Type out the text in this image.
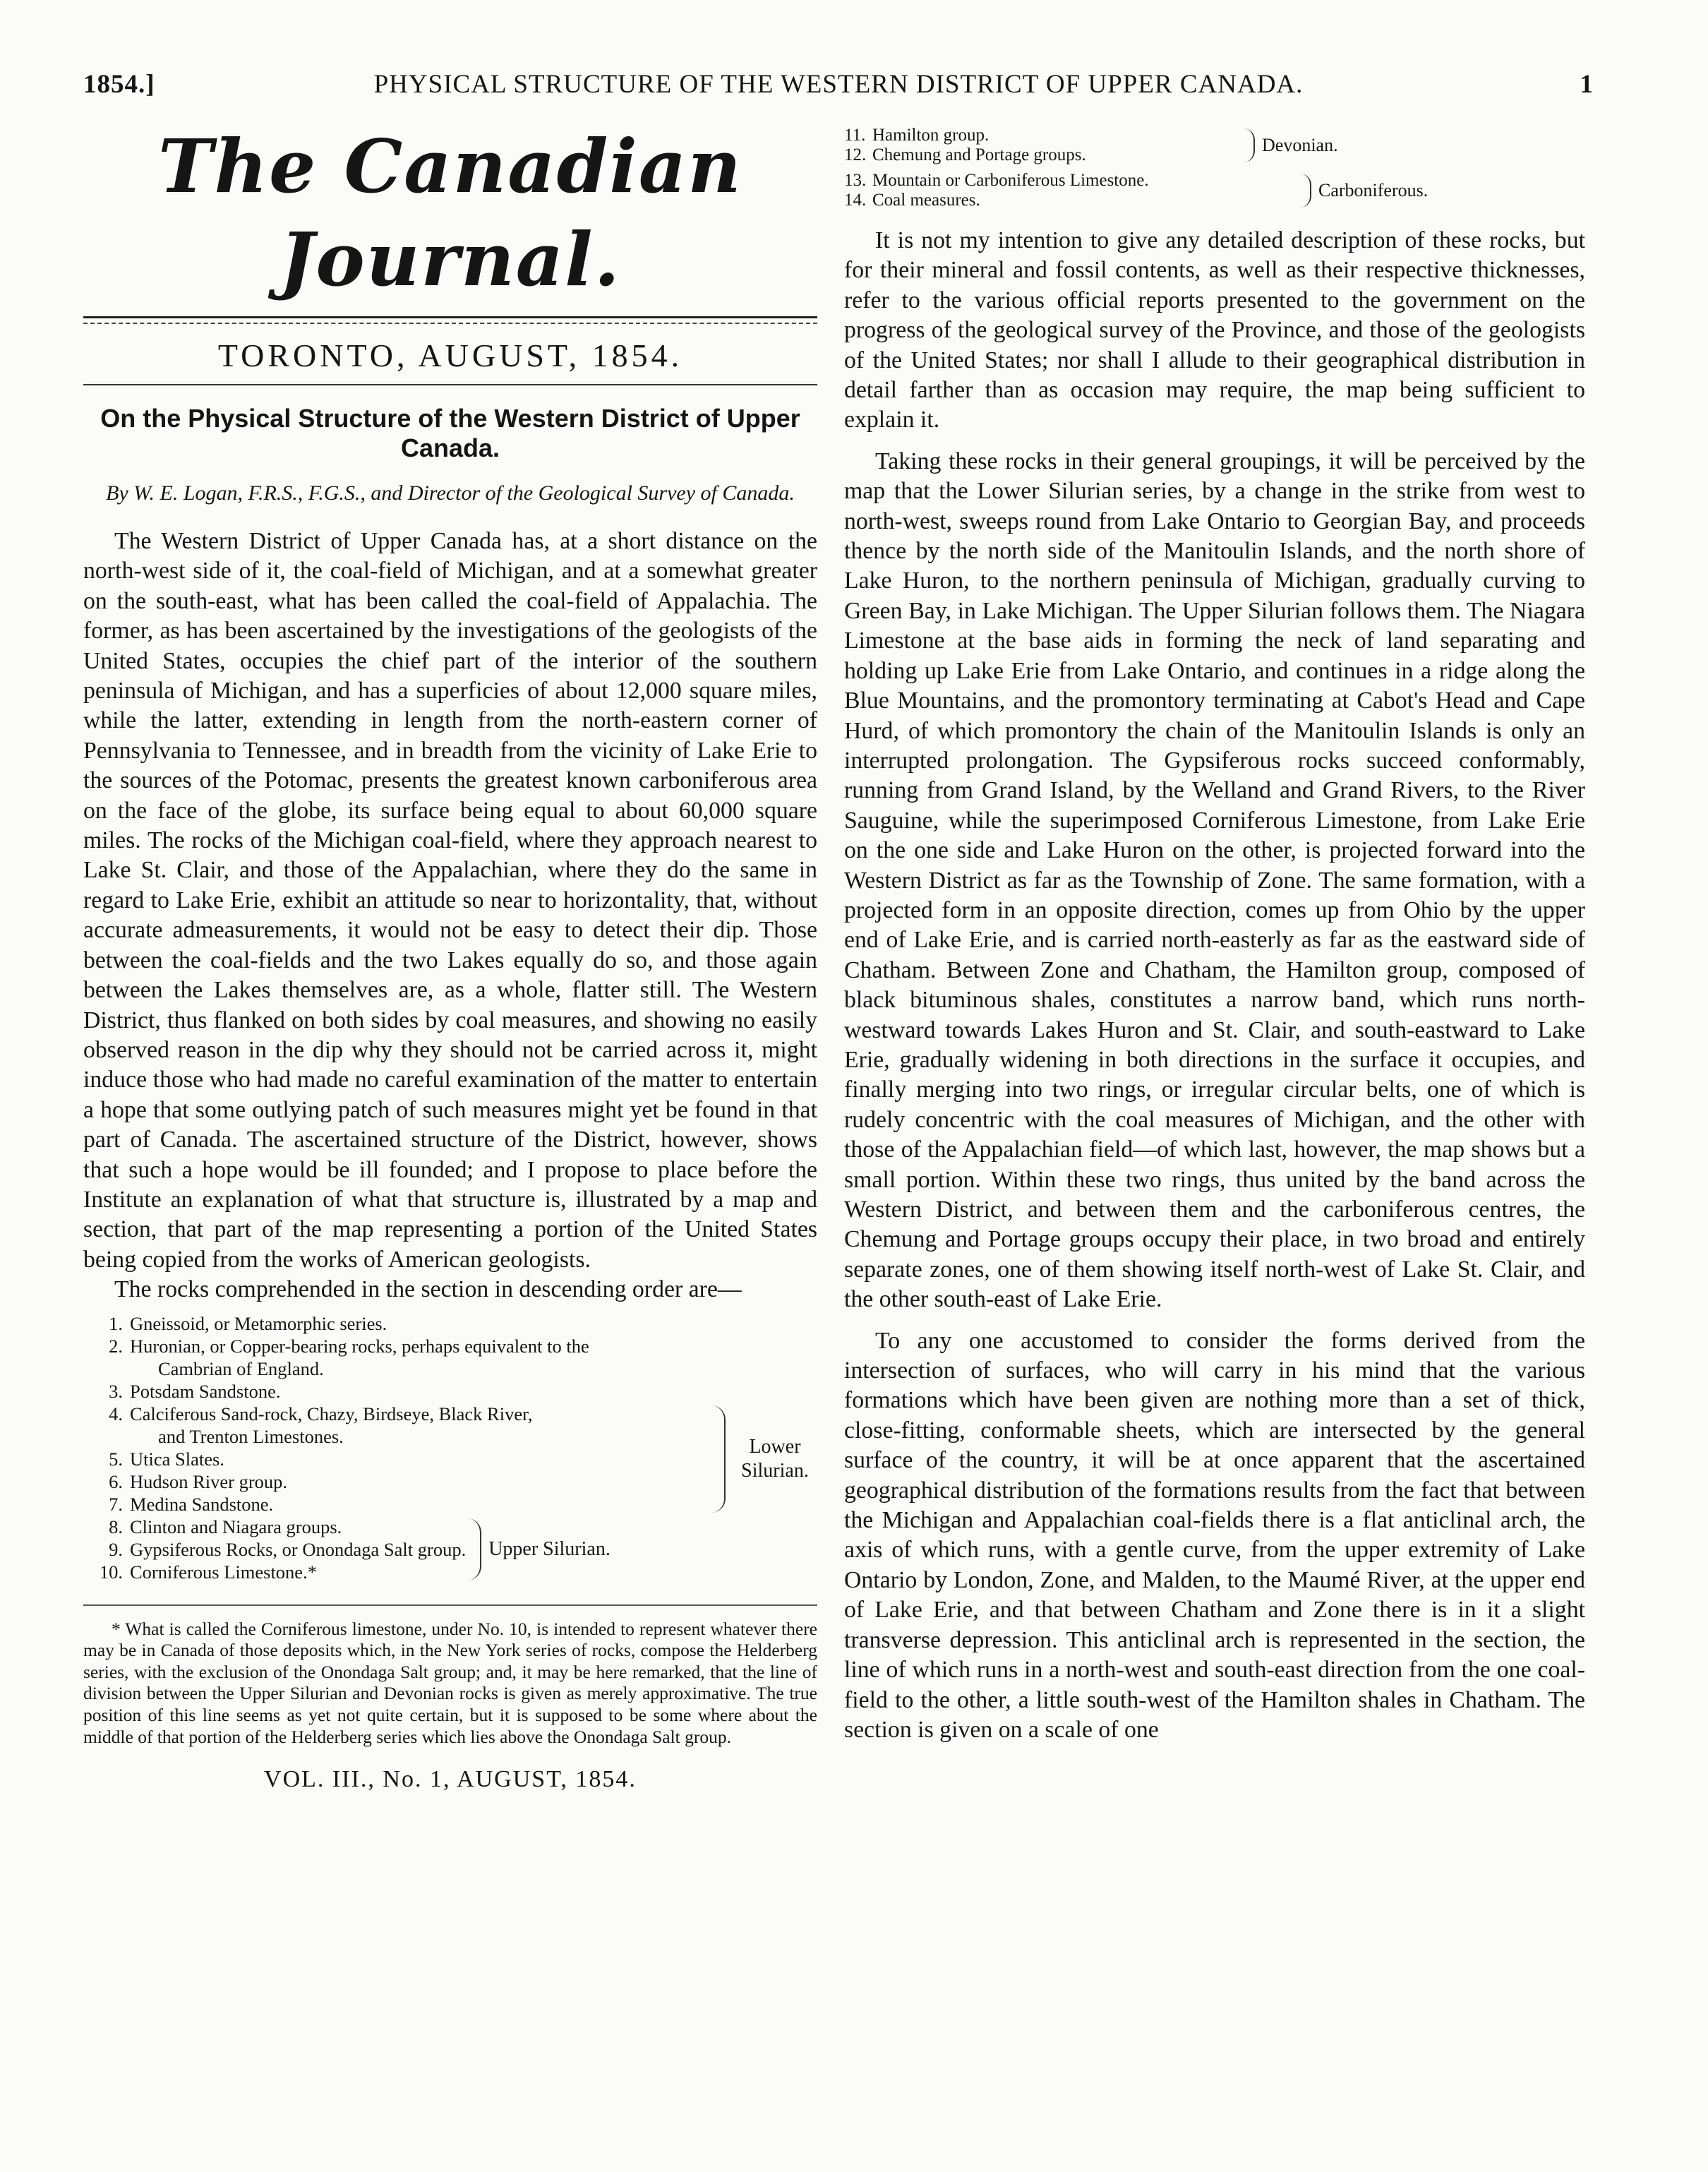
1854.]	PHYSICAL STRUCTURE OF THE WESTERN DISTRICT OF UPPER CANADA.	1
The Canadian Journal.
TORONTO, AUGUST, 1854.
On the Physical Structure of the Western District of Upper Canada.
By W. E. Logan, F.R.S., F.G.S., and Director of the Geological Survey of Canada.

The Western District of Upper Canada has, at a short distance on the north-west side of it, the coal-field of Michigan, and at a somewhat greater on the south-east, what has been called the coal-field of Appalachia. The former, as has been ascertained by the investigations of the geologists of the United States, occupies the chief part of the interior of the southern peninsula of Michigan, and has a superficies of about 12,000 square miles, while the latter, extending in length from the north-eastern corner of Pennsylvania to Tennessee, and in breadth from the vicinity of Lake Erie to the sources of the Potomac, presents the greatest known carboniferous area on the face of the globe, its surface being equal to about 60,000 square miles. The rocks of the Michigan coal-field, where they approach nearest to Lake St. Clair, and those of the Appalachian, where they do the same in regard to Lake Erie, exhibit an attitude so near to horizontality, that, without accurate admeasurements, it would not be easy to detect their dip. Those between the coal-fields and the two Lakes equally do so, and those again between the Lakes themselves are, as a whole, flatter still. The Western District, thus flanked on both sides by coal measures, and showing no easily observed reason in the dip why they should not be carried across it, might induce those who had made no careful examination of the matter to entertain a hope that some outlying patch of such measures might yet be found in that part of Canada. The ascertained structure of the District, however, shows that such a hope would be ill founded; and I propose to place before the Institute an explanation of what that structure is, illustrated by a map and section, that part of the map representing a portion of the United States being copied from the works of American geologists.

The rocks comprehended in the section in descending order are—

1. Gneissoid, or Metamorphic series.
2. Huronian, or Copper-bearing rocks, perhaps equivalent to the
Cambrian of England.
3. Potsdam Sandstone.
4. Calciferous Sand-rock, Chazy, Birdseye, Black River,
and Trenton Limestones.
5. Utica Slates.
6. Hudson River group.
7. Medina Sandstone.
Lower Silurian.
8. Clinton and Niagara groups.
9. Gypsiferous Rocks, or Onondaga Salt group.
10. Corniferous Limestone.*
Upper Silurian.

* What is called the Corniferous limestone, under No. 10, is intended to represent whatever there may be in Canada of those deposits which, in the New York series of rocks, compose the Helderberg series, with the exclusion of the Onondaga Salt group; and, it may be here remarked, that the line of division between the Upper Silurian and Devonian rocks is given as merely approximative. The true position of this line seems as yet not quite certain, but it is supposed to be some where about the middle of that portion of the Helderberg series which lies above the Onondaga Salt group.

VOL. III., No. 1, AUGUST, 1854.
11. Hamilton group.
12. Chemung and Portage groups.	Devonian.
13. Mountain or Carboniferous Limestone.
14. Coal measures.	Carboniferous.

It is not my intention to give any detailed description of these rocks, but for their mineral and fossil contents, as well as their respective thicknesses, refer to the various official reports presented to the government on the progress of the geological survey of the Province, and those of the geologists of the United States; nor shall I allude to their geographical distribution in detail farther than as occasion may require, the map being sufficient to explain it.

Taking these rocks in their general groupings, it will be perceived by the map that the Lower Silurian series, by a change in the strike from west to north-west, sweeps round from Lake Ontario to Georgian Bay, and proceeds thence by the north side of the Manitoulin Islands, and the north shore of Lake Huron, to the northern peninsula of Michigan, gradually curving to Green Bay, in Lake Michigan. The Upper Silurian follows them. The Niagara Limestone at the base aids in forming the neck of land separating and holding up Lake Erie from Lake Ontario, and continues in a ridge along the Blue Mountains, and the promontory terminating at Cabot's Head and Cape Hurd, of which promontory the chain of the Manitoulin Islands is only an interrupted prolongation. The Gypsiferous rocks succeed conformably, running from Grand Island, by the Welland and Grand Rivers, to the River Sauguine, while the superimposed Corniferous Limestone, from Lake Erie on the one side and Lake Huron on the other, is projected forward into the Western District as far as the Township of Zone. The same formation, with a projected form in an opposite direction, comes up from Ohio by the upper end of Lake Erie, and is carried north-easterly as far as the eastward side of Chatham. Between Zone and Chatham, the Hamilton group, composed of black bituminous shales, constitutes a narrow band, which runs north-westward towards Lakes Huron and St. Clair, and south-eastward to Lake Erie, gradually widening in both directions in the surface it occupies, and finally merging into two rings, or irregular circular belts, one of which is rudely concentric with the coal measures of Michigan, and the other with those of the Appalachian field—of which last, however, the map shows but a small portion. Within these two rings, thus united by the band across the Western District, and between them and the carboniferous centres, the Chemung and Portage groups occupy their place, in two broad and entirely separate zones, one of them showing itself north-west of Lake St. Clair, and the other south-east of Lake Erie.

To any one accustomed to consider the forms derived from the intersection of surfaces, who will carry in his mind that the various formations which have been given are nothing more than a set of thick, close-fitting, conformable sheets, which are intersected by the general surface of the country, it will be at once apparent that the ascertained geographical distribution of the formations results from the fact that between the Michigan and Appalachian coal-fields there is a flat anticlinal arch, the axis of which runs, with a gentle curve, from the upper extremity of Lake Ontario by London, Zone, and Malden, to the Maumé River, at the upper end of Lake Erie, and that between Chatham and Zone there is in it a slight transverse depression. This anticlinal arch is represented in the section, the line of which runs in a north-west and south-east direction from the one coal-field to the other, a little south-west of the Hamilton shales in Chatham. The section is given on a scale of one
